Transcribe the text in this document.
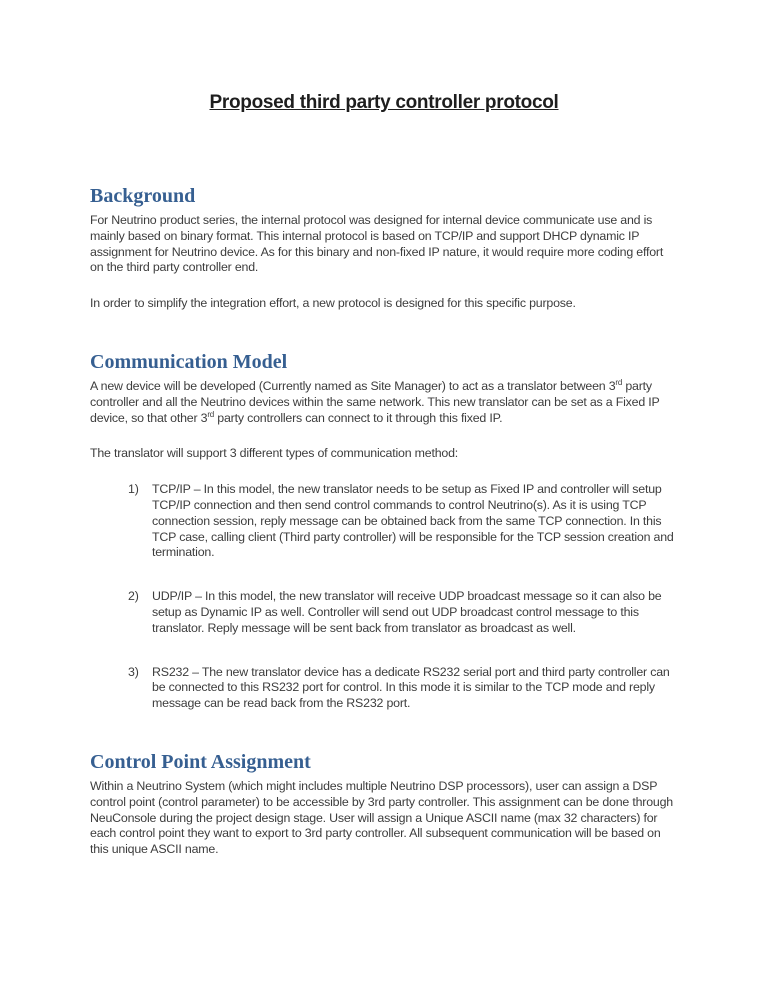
Proposed third party controller protocol
Background

For Neutrino product series, the internal protocol was designed for internal device communicate use and is mainly based on binary format. This internal protocol is based on TCP/IP and support DHCP dynamic IP assignment for Neutrino device. As for this binary and non-fixed IP nature, it would require more coding effort on the third party controller end.

In order to simplify the integration effort, a new protocol is designed for this specific purpose.

Communication Model

A new device will be developed (Currently named as Site Manager) to act as a translator between 3rd party controller and all the Neutrino devices within the same network. This new translator can be set as a Fixed IP device, so that other 3rd party controllers can connect to it through this fixed IP.

The translator will support 3 different types of communication method:

1) TCP/IP – In this model, the new translator needs to be setup as Fixed IP and controller will setup TCP/IP connection and then send control commands to control Neutrino(s). As it is using TCP connection session, reply message can be obtained back from the same TCP connection. In this TCP case, calling client (Third party controller) will be responsible for the TCP session creation and termination.
2) UDP/IP – In this model, the new translator will receive UDP broadcast message so it can also be setup as Dynamic IP as well. Controller will send out UDP broadcast control message to this translator. Reply message will be sent back from translator as broadcast as well.
3) RS232 – The new translator device has a dedicate RS232 serial port and third party controller can be connected to this RS232 port for control. In this mode it is similar to the TCP mode and reply message can be read back from the RS232 port.
Control Point Assignment

Within a Neutrino System (which might includes multiple Neutrino DSP processors), user can assign a DSP control point (control parameter) to be accessible by 3rd party controller. This assignment can be done through NeuConsole during the project design stage. User will assign a Unique ASCII name (max 32 characters) for each control point they want to export to 3rd party controller. All subsequent communication will be based on this unique ASCII name.
